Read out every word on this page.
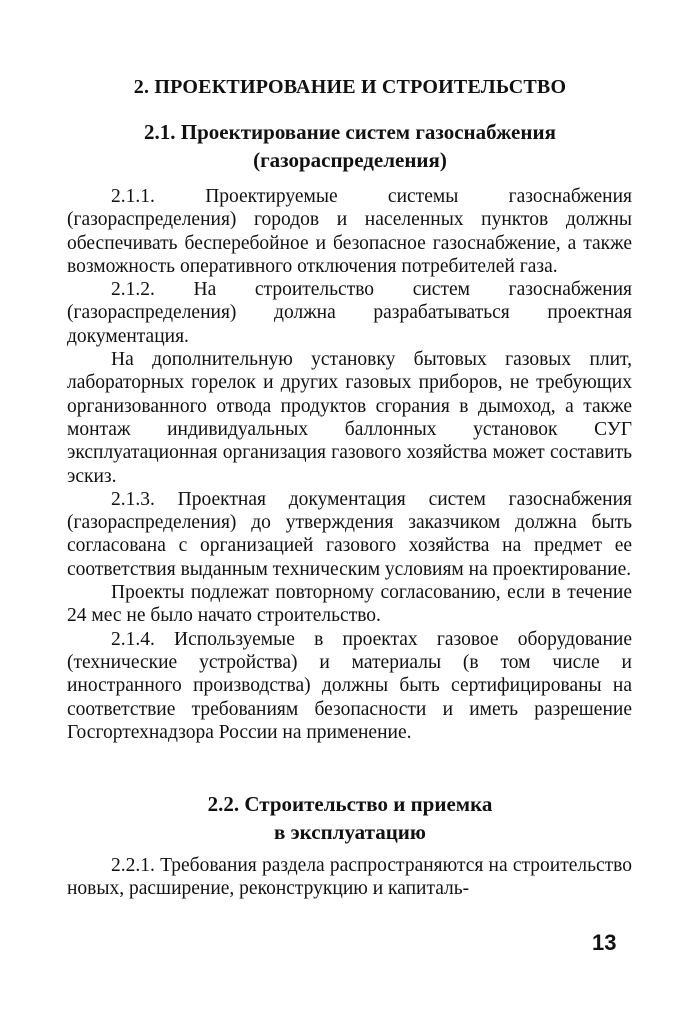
2. ПРОЕКТИРОВАНИЕ И СТРОИТЕЛЬСТВО
2.1. Проектирование систем газоснабжения
(газораспределения)

2.1.1. Проектируемые системы газоснабжения (газораспределения) городов и населенных пунктов должны обеспечивать бесперебойное и безопасное газоснабжение, а также возможность оперативного отключения потребителей газа.

2.1.2. На строительство систем газоснабжения (газораспределения) должна разрабатываться проектная документация.

На дополнительную установку бытовых газовых плит, лабораторных горелок и других газовых приборов, не требующих организованного отвода продуктов сгорания в дымоход, а также монтаж индивидуальных баллонных установок СУГ эксплуатационная организация газового хозяйства может составить эскиз.

2.1.3. Проектная документация систем газоснабжения (газораспределения) до утверждения заказчиком должна быть согласована с организацией газового хозяйства на предмет ее соответствия выданным техническим условиям на проектирование.

Проекты подлежат повторному согласованию, если в течение 24 мес не было начато строительство.

2.1.4. Используемые в проектах газовое оборудование (технические устройства) и материалы (в том числе и иностранного производства) должны быть сертифицированы на соответствие требованиям безопасности и иметь разрешение Госгортехнадзора России на применение.

2.2. Строительство и приемка
в эксплуатацию

2.2.1. Требования раздела распространяются на строительство новых, расширение, реконструкцию и капиталь-

13
